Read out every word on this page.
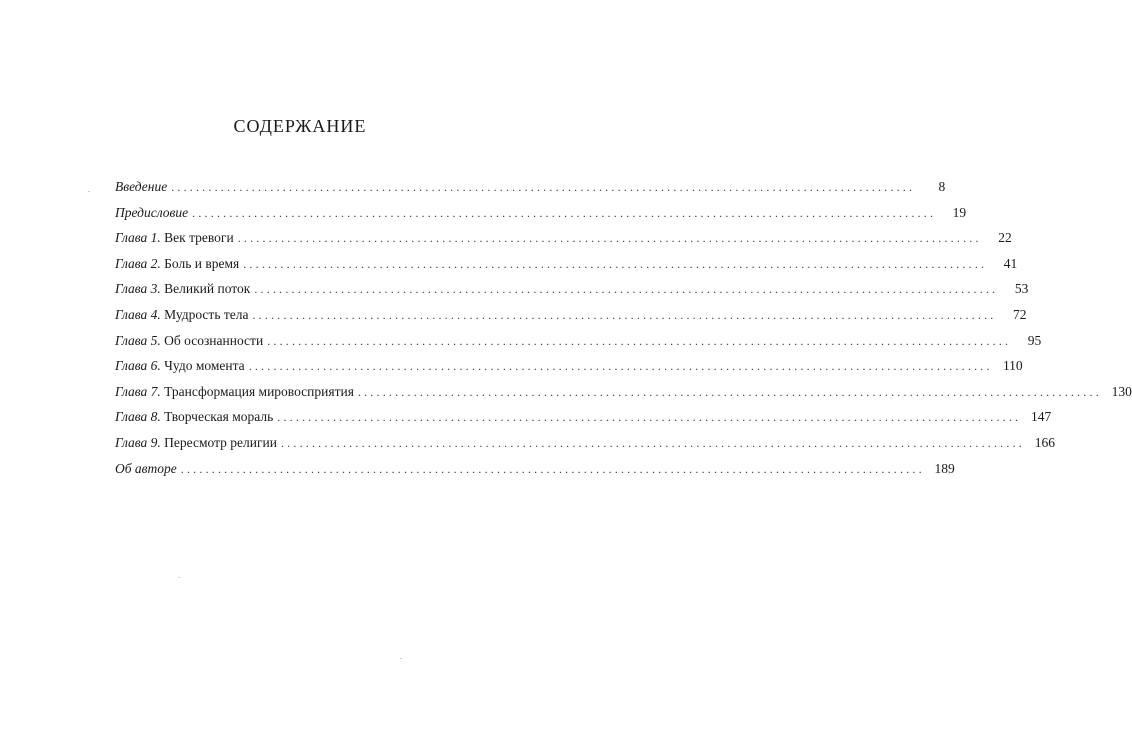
СОДЕРЖАНИЕ
Введение ........................................................................................................................	8
Предисловие ........................................................................................................................	19
Глава 1. Век тревоги ........................................................................................................................	22
Глава 2. Боль и время ........................................................................................................................	41
Глава 3. Великий поток ........................................................................................................................	53
Глава 4. Мудрость тела ........................................................................................................................	72
Глава 5. Об осознанности ........................................................................................................................	95
Глава 6. Чудо момента ........................................................................................................................ 110
Глава 7. Трансформация мировосприятия ........................................................................................................................ 130
Глава 8. Творческая мораль ........................................................................................................................ 147
Глава 9. Пересмотр религии ........................................................................................................................ 166
Об авторе ........................................................................................................................ 189
